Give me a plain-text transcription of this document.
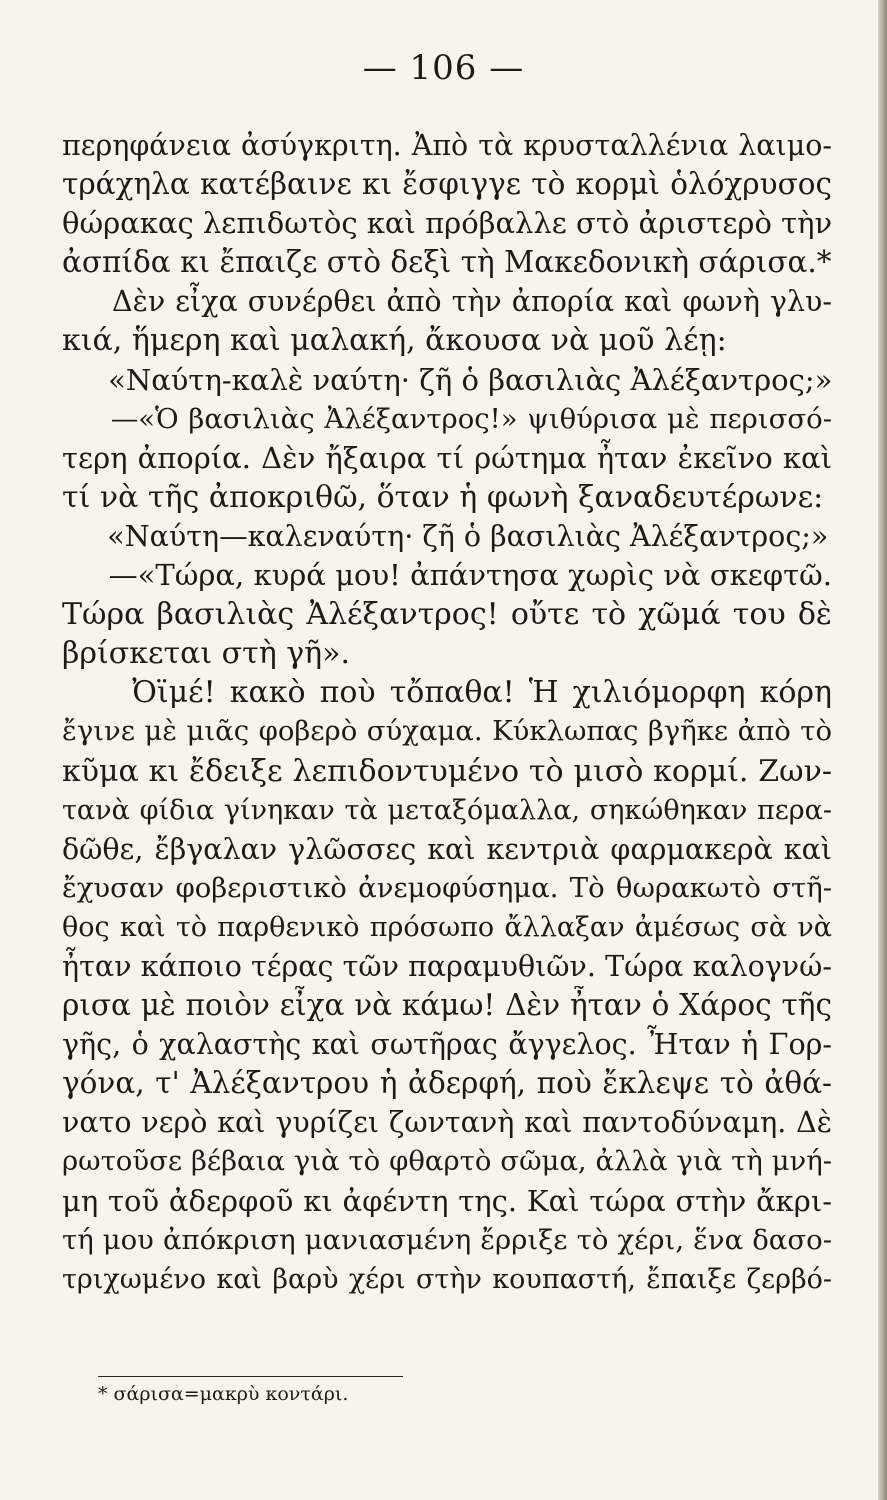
— 106 —
περηφάνεια ἀσύγκριτη. Ἀπὸ τὰ κρυσταλλένια λαιμο-
τράχηλα κατέβαινε κι ἔσφιγγε τὸ κορμὶ ὁλόχρυσος
θώρακας λεπιδωτὸς καὶ πρόβαλλε στὸ ἀριστερὸ τὴν
ἀσπίδα κι ἔπαιζε στὸ δεξὶ τὴ Μακεδονικὴ σάρισα.*
Δὲν εἶχα συνέρθει ἀπὸ τὴν ἀπορία καὶ φωνὴ γλυ-
κιά, ἥμερη καὶ μαλακή, ἄκουσα νὰ μοῦ λέῃ:
«Ναύτη-καλὲ ναύτη· ζῆ ὁ βασιλιὰς Ἀλέξαντρος;»
—«Ὁ βασιλιὰς Ἀλέξαντρος!» ψιθύρισα μὲ περισσό-
τερη ἀπορία. Δὲν ἤξαιρα τί ρώτημα ἦταν ἐκεῖνο καὶ
τί νὰ τῆς ἀποκριθῶ, ὅταν ἡ φωνὴ ξαναδευτέρωνε:
«Ναύτη—καλεναύτη· ζῆ ὁ βασιλιὰς Ἀλέξαντρος;»
—«Τώρα, κυρά μου! ἀπάντησα χωρὶς νὰ σκεφτῶ.
Τώρα βασιλιὰς Ἀλέξαντρος! οὔτε τὸ χῶμά του δὲ
βρίσκεται στὴ γῆ».
Ὀϊμέ! κακὸ ποὺ τὄπαθα! Ἡ χιλιόμορφη κόρη
ἔγινε μὲ μιᾶς φοβερὸ σύχαμα. Κύκλωπας βγῆκε ἀπὸ τὸ
κῦμα κι ἔδειξε λεπιδοντυμένο τὸ μισὸ κορμί. Ζων-
τανὰ φίδια γίνηκαν τὰ μεταξόμαλλα, σηκώθηκαν περα-
δῶθε, ἔβγαλαν γλῶσσες καὶ κεντριὰ φαρμακερὰ καὶ
ἔχυσαν φοβεριστικὸ ἀνεμοφύσημα. Τὸ θωρακωτὸ στῆ-
θος καὶ τὸ παρθενικὸ πρόσωπο ἄλλαξαν ἀμέσως σὰ νὰ
ἦταν κάποιο τέρας τῶν παραμυθιῶν. Τώρα καλογνώ-
ρισα μὲ ποιὸν εἶχα νὰ κάμω! Δὲν ἦταν ὁ Χάρος τῆς
γῆς, ὁ χαλαστὴς καὶ σωτῆρας ἄγγελος. Ἦταν ἡ Γορ-
γόνα, τ' Ἀλέξαντρου ἡ ἀδερφή, ποὺ ἔκλεψε τὸ ἀθά-
νατο νερὸ καὶ γυρίζει ζωντανὴ καὶ παντοδύναμη. Δὲ
ρωτοῦσε βέβαια γιὰ τὸ φθαρτὸ σῶμα, ἀλλὰ γιὰ τὴ μνή-
μη τοῦ ἀδερφοῦ κι ἀφέντη της. Καὶ τώρα στὴν ἄκρι-
τή μου ἀπόκριση μανιασμένη ἔρριξε τὸ χέρι, ἕνα δασο-
τριχωμένο καὶ βαρὺ χέρι στὴν κουπαστή, ἔπαιξε ζερβό-
* σάρισα=μακρὺ κοντάρι.
